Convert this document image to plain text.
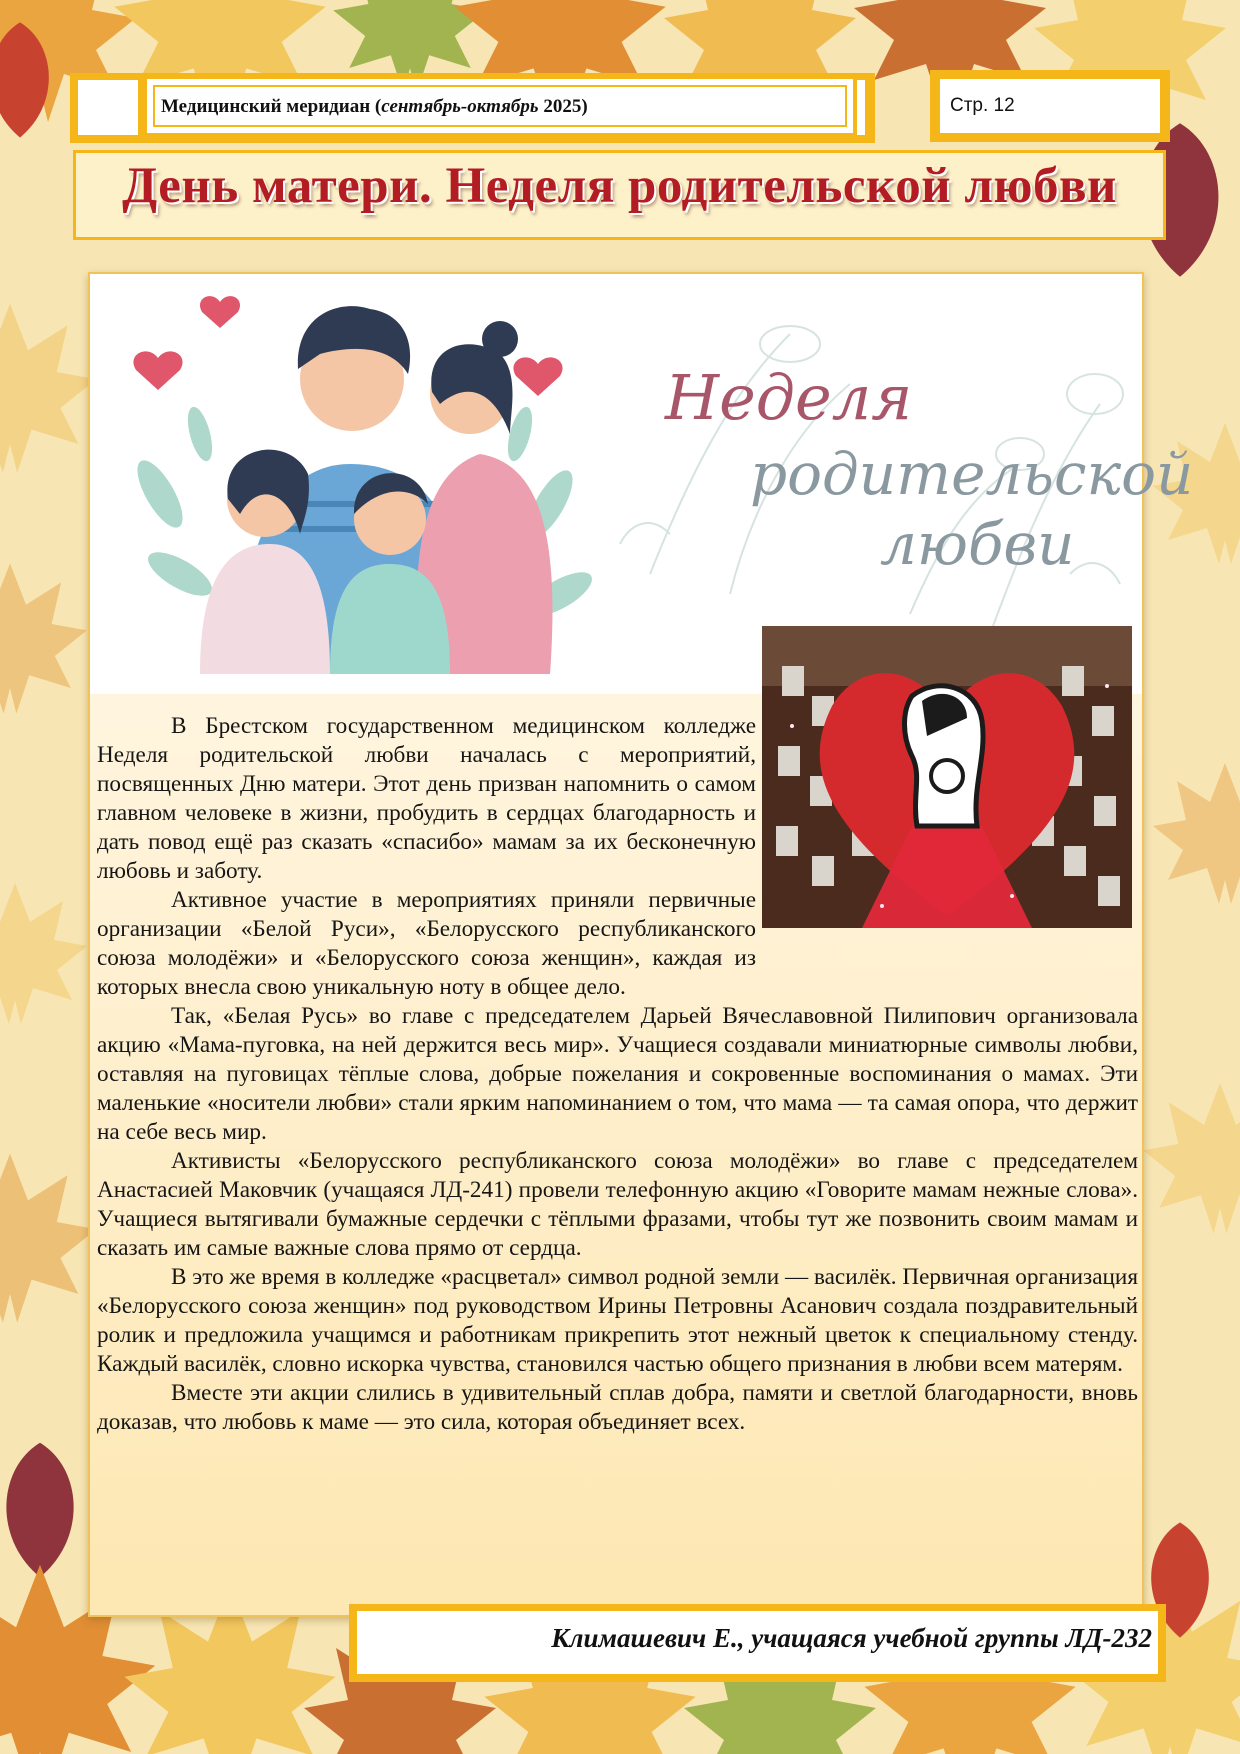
Медицинский меридиан (сентябрь-октябрь 2025)	Стр. 12
День матери. Неделя родительской любви
Неделя
родительской
любви

В Брестском государственном медицинском колледже Неделя родительской любви началась с мероприятий, посвященных Дню матери. Этот день призван напомнить о самом главном человеке в жизни, пробудить в сердцах благодарность и дать повод ещё раз сказать «спасибо» мамам за их бесконечную любовь и заботу.

Активное участие в мероприятиях приняли первичные организации «Белой Руси», «Белорусского республиканского союза молодёжи» и «Белорусского союза женщин», каждая из которых внесла свою уникальную ноту в общее дело.

Так, «Белая Русь» во главе с председателем Дарьей Вячеславовной Пилипович организовала акцию «Мама-пуговка, на ней держится весь мир». Учащиеся создавали миниатюрные символы любви, оставляя на пуговицах тёплые слова, добрые пожелания и сокровенные воспоминания о мамах. Эти маленькие «носители любви» стали ярким напоминанием о том, что мама — та самая опора, что держит на себе весь мир.

Активисты «Белорусского республиканского союза молодёжи» во главе с председателем Анастасией Маковчик (учащаяся ЛД-241) провели телефонную акцию «Говорите мамам нежные слова». Учащиеся вытягивали бумажные сердечки с тёплыми фразами, чтобы тут же позвонить своим мамам и сказать им самые важные слова прямо от сердца.

В это же время в колледже «расцветал» символ родной земли — василёк. Первичная организация «Белорусского союза женщин» под руководством Ирины Петровны Асанович создала поздравительный ролик и предложила учащимся и работникам прикрепить этот нежный цветок к специальному стенду. Каждый василёк, словно искорка чувства, становился частью общего признания в любви всем матерям.

Вместе эти акции слились в удивительный сплав добра, памяти и светлой благодарности, вновь доказав, что любовь к маме — это сила, которая объединяет всех.

Климашевич Е., учащаяся учебной группы ЛД-232
